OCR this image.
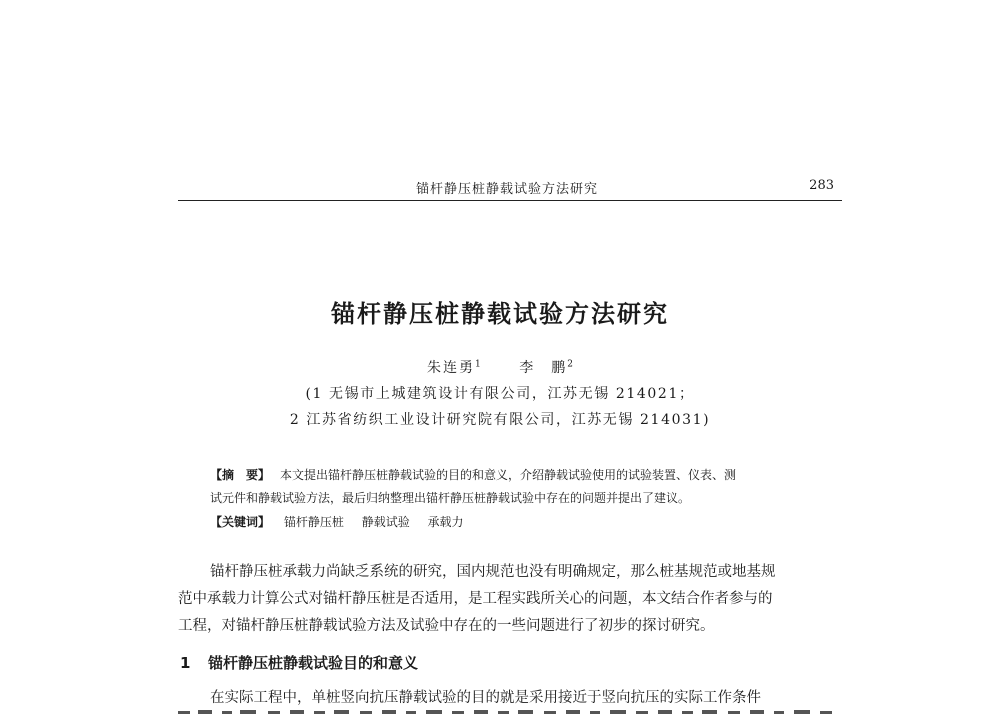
锚杆静压桩静载试验方法研究	283
锚杆静压桩静载试验方法研究
朱连勇$^1$	李　鹏$^2$
(1 无锡市上城建筑设计有限公司，江苏无锡 214021；
2 江苏省纺织工业设计研究院有限公司，江苏无锡 214031)
【摘　要】 本文提出锚杆静压桩静载试验的目的和意义，介绍静载试验使用的试验装置、仪表、测
试元件和静载试验方法，最后归纳整理出锚杆静压桩静载试验中存在的问题并提出了建议。
【关键词】 锚杆静压桩 静载试验 承载力
锚杆静压桩承载力尚缺乏系统的研究，国内规范也没有明确规定，那么桩基规范或地基规
范中承载力计算公式对锚杆静压桩是否适用，是工程实践所关心的问题，本文结合作者参与的
工程，对锚杆静压桩静载试验方法及试验中存在的一些问题进行了初步的探讨研究。
1 锚杆静压桩静载试验目的和意义
在实际工程中，单桩竖向抗压静载试验的目的就是采用接近于竖向抗压的实际工作条件
